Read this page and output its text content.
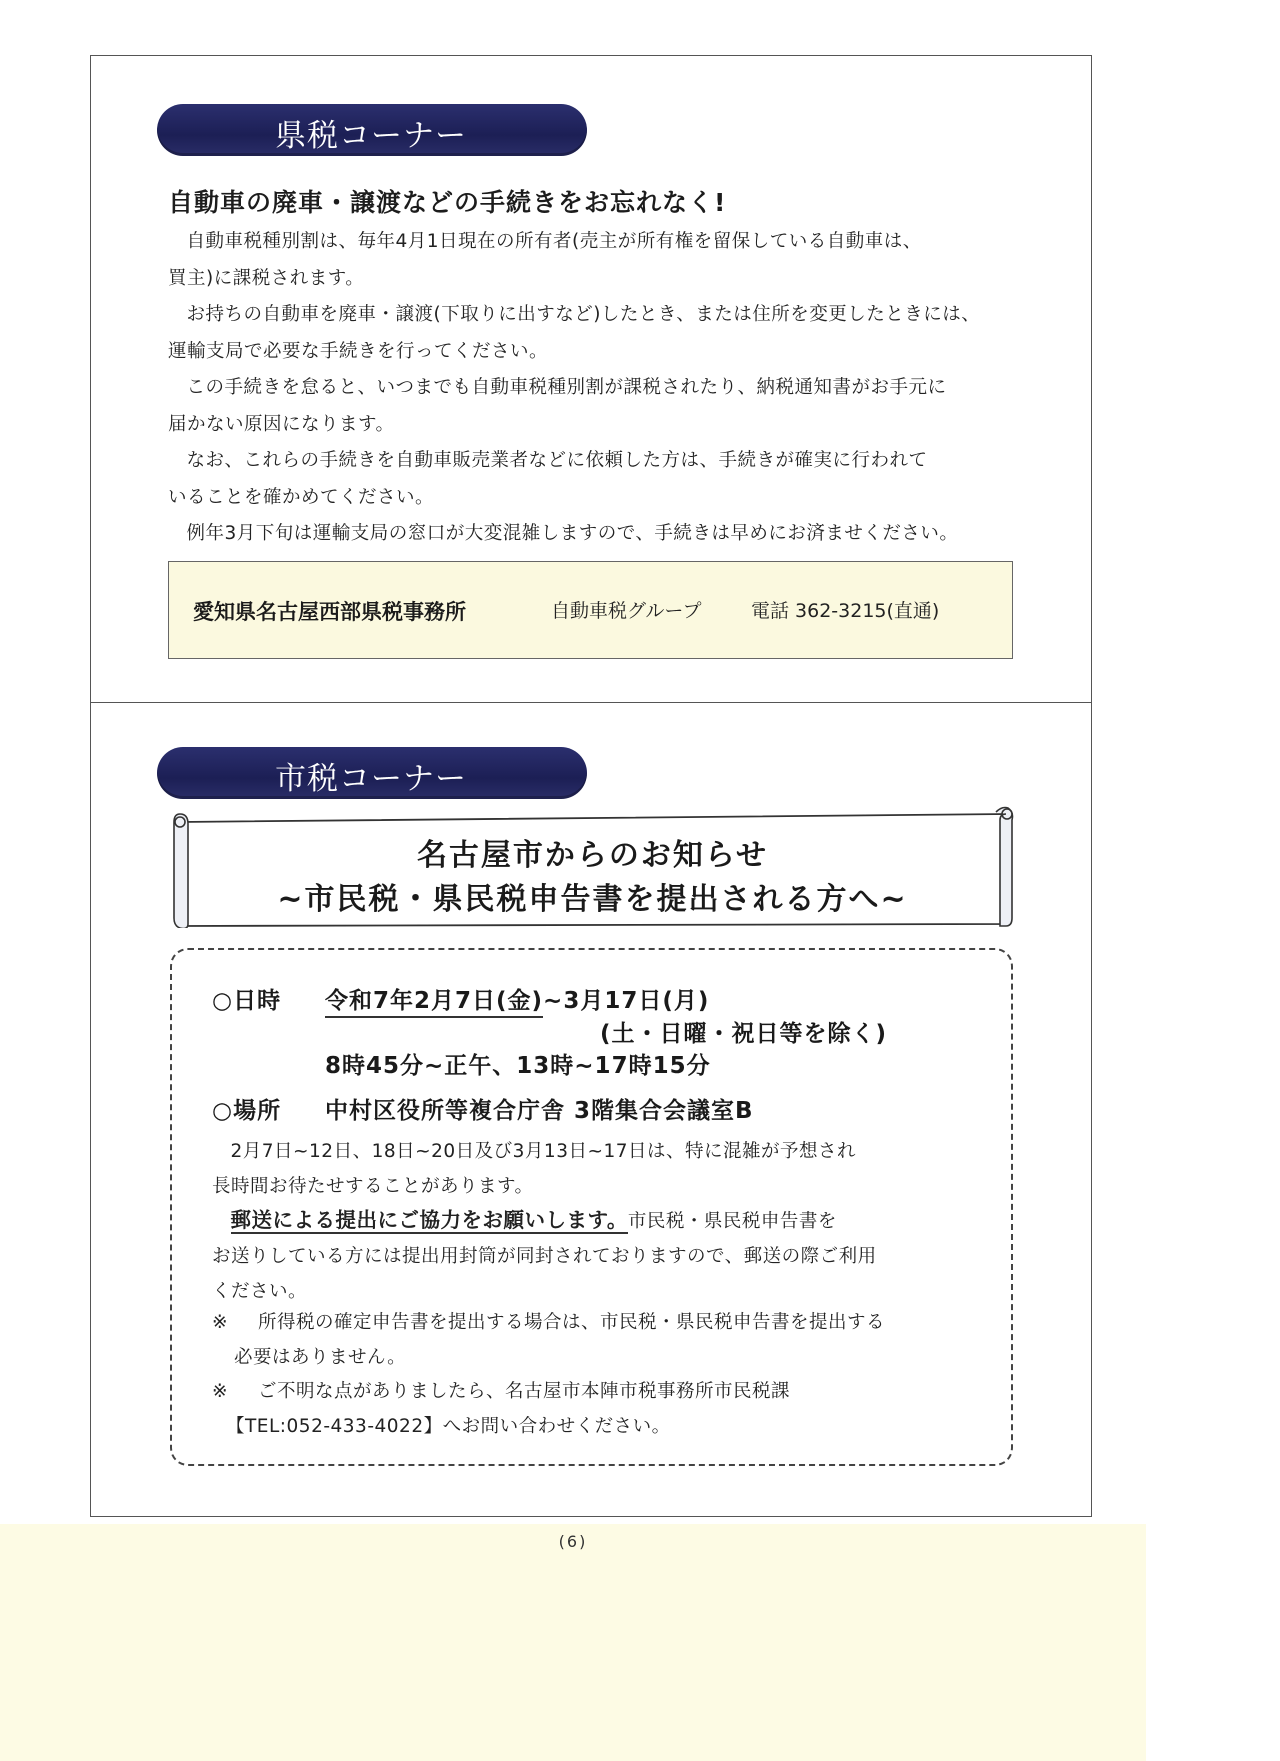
県税コーナー
自動車の廃車・譲渡などの手続きをお忘れなく!

自動車税種別割は、毎年4月1日現在の所有者(売主が所有権を留保している自動車は、

買主)に課税されます。

お持ちの自動車を廃車・譲渡(下取りに出すなど)したとき、または住所を変更したときには、

運輸支局で必要な手続きを行ってください。

この手続きを怠ると、いつまでも自動車税種別割が課税されたり、納税通知書がお手元に

届かない原因になります。

なお、これらの手続きを自動車販売業者などに依頼した方は、手続きが確実に行われて

いることを確かめてください。

例年3月下旬は運輸支局の窓口が大変混雑しますので、手続きは早めにお済ませください。

愛知県名古屋西部県税事務所	自動車税グループ	電話 362-3215(直通)
市税コーナー
名古屋市からのお知らせ
~市民税・県民税申告書を提出される方へ~
○日時 令和7年2月7日(金)~3月17日(月)
(土・日曜・祝日等を除く)
8時45分~正午、13時~17時15分
○場所 中村区役所等複合庁舎 3階集合会議室B

2月7日~12日、18日~20日及び3月13日~17日は、特に混雑が予想され

長時間お待たせすることがあります。

郵送による提出にご協力をお願いします。市民税・県民税申告書を

お送りしている方には提出用封筒が同封されておりますので、郵送の際ご利用

ください。

※	所得税の確定申告書を提出する場合は、市民税・県民税申告書を提出する
必要はありません。
※	ご不明な点がありましたら、名古屋市本陣市税事務所市民税課
【TEL:052-433-4022】へお問い合わせください。
(6)
